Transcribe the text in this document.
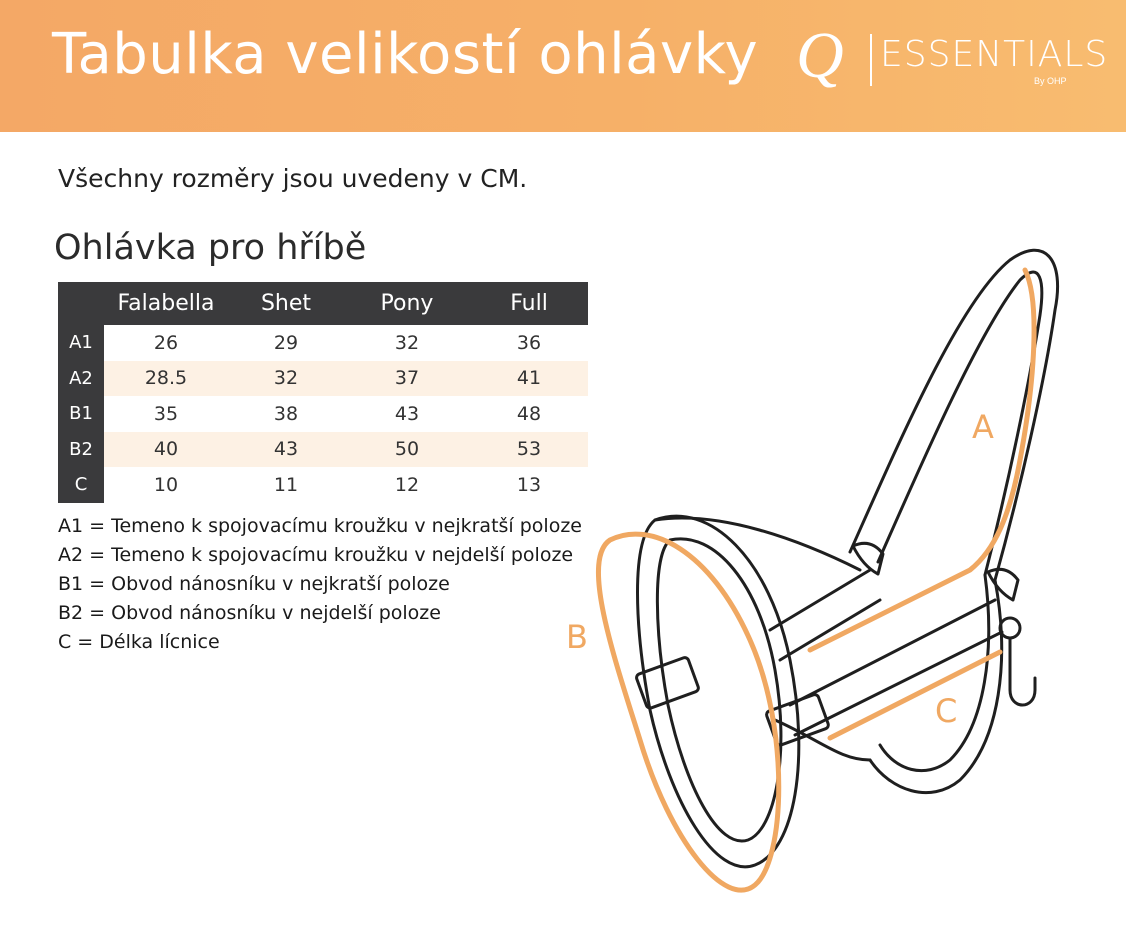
Tabulka velikostí ohlávky Q ESSENTIALS
By OHP
Všechny rozměry jsou uvedeny v CM.
Ohlávka pro hříbě
	Falabella	Shet	Pony	Full
A1	26	29	32	36
A2	28.5	32	37	41
B1	35	38	43	48
B2	40	43	50	53
C	10	11	12	13
A1 = Temeno k spojovacímu kroužku v nejkratší poloze
A2 = Temeno k spojovacímu kroužku v nejdelší poloze
B1 = Obvod nánosníku v nejkratší poloze
B2 = Obvod nánosníku v nejdelší poloze
C = Délka lícnice
A
B
C
